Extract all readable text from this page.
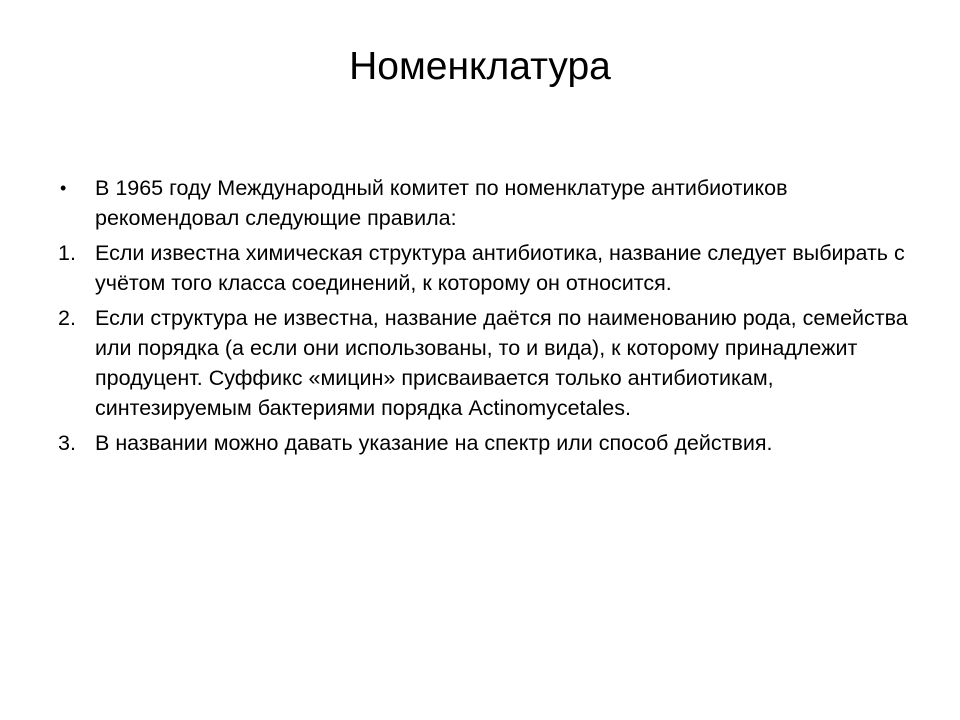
Номенклатура
•	В 1965 году Международный комитет по номенклатуре антибиотиков рекомендовал следующие правила:
1. Если известна химическая структура антибиотика, название следует выбирать с учётом того класса соединений, к которому он относится.
2. Если структура не известна, название даётся по наименованию рода, семейства или порядка (а если они использованы, то и вида), к которому принадлежит продуцент. Суффикс «мицин» присваивается только антибиотикам, синтезируемым бактериями порядка Actinomycetales.
3. В названии можно давать указание на спектр или способ действия.
